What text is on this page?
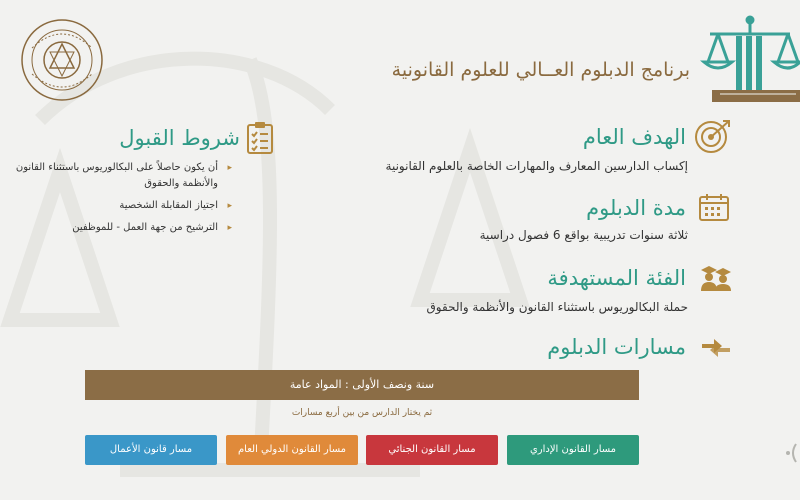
برنامج الدبلوم العــالي للعلوم القانونية
الهدف العام
إكساب الدارسين المعارف والمهارات الخاصة بالعلوم القانونية
مدة الدبلوم
ثلاثة سنوات تدريبية بواقع 6 فصول دراسية
الفئة المستهدفة
حملة البكالوريوس باستثناء القانون والأنظمة والحقوق
مسارات الدبلوم
شروط القبول
▸ أن يكون حاصلاً على البكالوريوس باستثناء القانون والأنظمة والحقوق
▸ اجتياز المقابلة الشخصية
▸ الترشيح من جهة العمل - للموظفين
سنة ونصف الأولى : المواد عامة
ثم يختار الدارس من بين أربع مسارات
مسار القانون الإداري
مسار القانون الجنائي
مسار القانون الدولي العام
مسار قانون الأعمال
